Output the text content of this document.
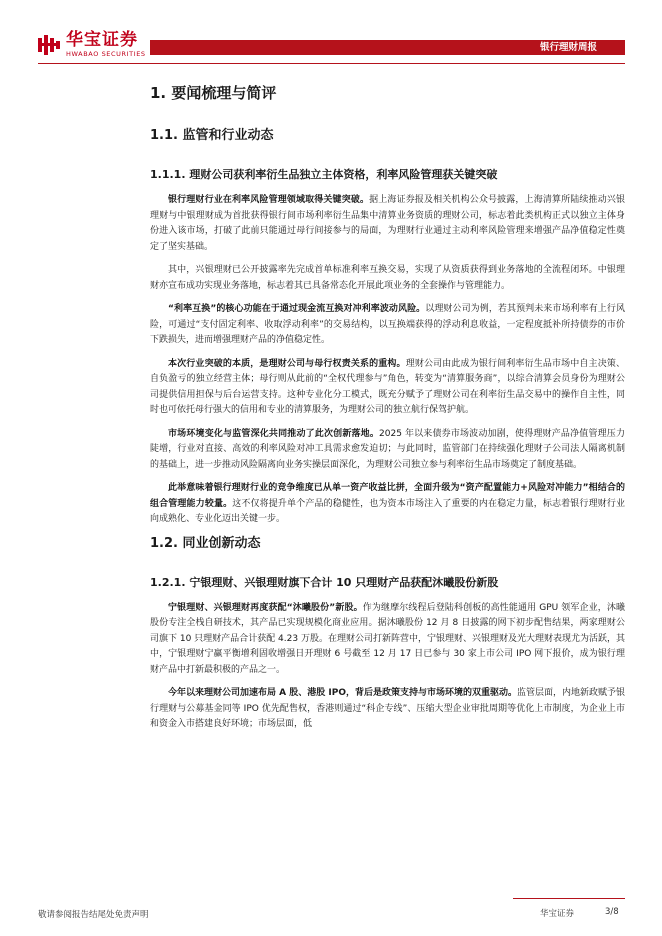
华宝证券
HWABAO SECURITIES
银行理财周报
1. 要闻梳理与简评
1.1. 监管和行业动态
1.1.1. 理财公司获利率衍生品独立主体资格，利率风险管理获关键突破

银行理财行业在利率风险管理领域取得关键突破。据上海证券报及相关机构公众号披露，上海清算所陆续推动兴银理财与中银理财成为首批获得银行间市场利率衍生品集中清算业务资质的理财公司，标志着此类机构正式以独立主体身份进入该市场，打破了此前只能通过母行间接参与的局面，为理财行业通过主动利率风险管理来增强产品净值稳定性奠定了坚实基础。

其中，兴银理财已公开披露率先完成首单标准利率互换交易，实现了从资质获得到业务落地的全流程闭环。中银理财亦宣布成功实现业务落地，标志着其已具备常态化开展此项业务的全套操作与管理能力。

“利率互换”的核心功能在于通过现金流互换对冲利率波动风险。以理财公司为例，若其预判未来市场利率有上行风险，可通过“支付固定利率、收取浮动利率”的交易结构，以互换端获得的浮动利息收益，一定程度抵补所持债券的市价下跌损失，进而增强理财产品的净值稳定性。

本次行业突破的本质，是理财公司与母行权责关系的重构。理财公司由此成为银行间利率衍生品市场中自主决策、自负盈亏的独立经营主体；母行则从此前的“全权代理参与”角色，转变为“清算服务商”，以综合清算会员身份为理财公司提供信用担保与后台运营支持。这种专业化分工模式，既充分赋予了理财公司在利率衍生品交易中的操作自主性，同时也可依托母行强大的信用和专业的清算服务，为理财公司的独立航行保驾护航。

市场环境变化与监管深化共同推动了此次创新落地。2025 年以来债券市场波动加剧，使得理财产品净值管理压力陡增，行业对直接、高效的利率风险对冲工具需求愈发迫切；与此同时，监管部门在持续强化理财子公司法人隔离机制的基础上，进一步推动风险隔离向业务实操层面深化，为理财公司独立参与利率衍生品市场奠定了制度基础。

此举意味着银行理财行业的竞争维度已从单一资产收益比拼，全面升级为“资产配置能力+风险对冲能力”相结合的组合管理能力较量。这不仅将提升单个产品的稳健性，也为资本市场注入了重要的内在稳定力量，标志着银行理财行业向成熟化、专业化迈出关键一步。

1.2. 同业创新动态
1.2.1. 宁银理财、兴银理财旗下合计 10 只理财产品获配沐曦股份新股

宁银理财、兴银理财再度获配“沐曦股份”新股。作为继摩尔线程后登陆科创板的高性能通用 GPU 领军企业，沐曦股份专注全栈自研技术，其产品已实现规模化商业应用。据沐曦股份 12 月 8 日披露的网下初步配售结果，两家理财公司旗下 10 只理财产品合计获配 4.23 万股。在理财公司打新阵营中，宁银理财、兴银理财及光大理财表现尤为活跃，其中，宁银理财宁赢平衡增利固收增强日开理财 6 号截至 12 月 17 日已参与 30 家上市公司 IPO 网下报价，成为银行理财产品中打新最积极的产品之一。

今年以来理财公司加速布局 A 股、港股 IPO，背后是政策支持与市场环境的双重驱动。监管层面，内地新政赋予银行理财与公募基金同等 IPO 优先配售权，香港则通过“科企专线”、压缩大型企业审批周期等优化上市制度，为企业上市和资金入市搭建良好环境；市场层面，低

敬请参阅报告结尾处免责声明	华宝证券	3/8
